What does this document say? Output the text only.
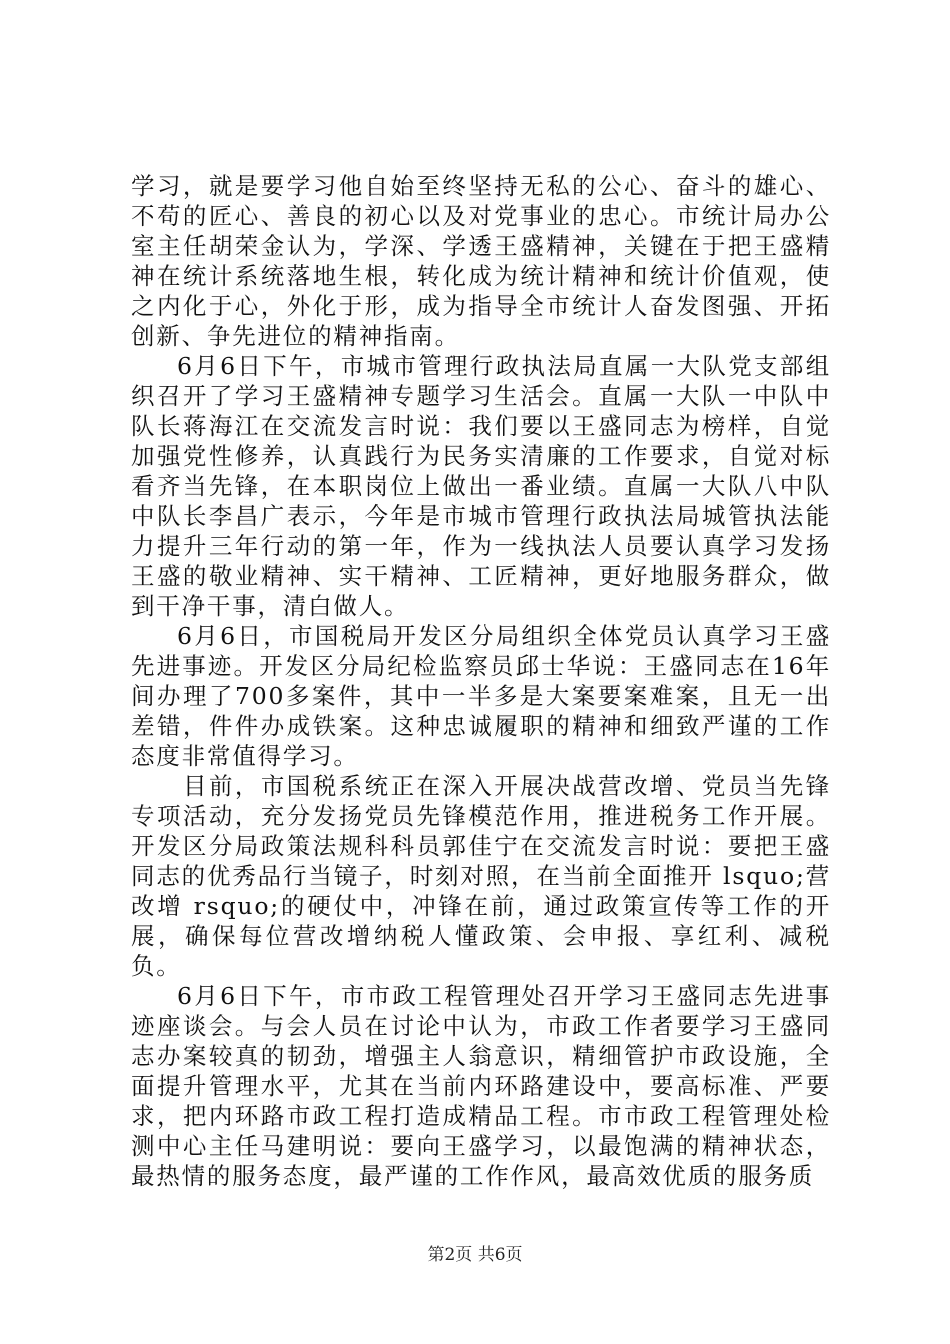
学习，就是要学习他自始至终坚持无私的公心、奋斗的雄心、不苟的匠心、善良的初心以及对党事业的忠心。市统计局办公室主任胡荣金认为，学深、学透王盛精神，关键在于把王盛精神在统计系统落地生根，转化成为统计精神和统计价值观，使之内化于心，外化于形，成为指导全市统计人奋发图强、开拓创新、争先进位的精神指南。

6月6日下午，市城市管理行政执法局直属一大队党支部组织召开了学习王盛精神专题学习生活会。直属一大队一中队中队长蒋海江在交流发言时说：我们要以王盛同志为榜样，自觉加强党性修养，认真践行为民务实清廉的工作要求，自觉对标看齐当先锋，在本职岗位上做出一番业绩。直属一大队八中队中队长李昌广表示，今年是市城市管理行政执法局城管执法能力提升三年行动的第一年，作为一线执法人员要认真学习发扬王盛的敬业精神、实干精神、工匠精神，更好地服务群众，做到干净干事，清白做人。

6月6日，市国税局开发区分局组织全体党员认真学习王盛先进事迹。开发区分局纪检监察员邱士华说：王盛同志在16年间办理了700多案件，其中一半多是大案要案难案，且无一出差错，件件办成铁案。这种忠诚履职的精神和细致严谨的工作态度非常值得学习。

目前，市国税系统正在深入开展决战营改增、党员当先锋专项活动，充分发扬党员先锋模范作用，推进税务工作开展。开发区分局政策法规科科员郭佳宁在交流发言时说：要把王盛同志的优秀品行当镜子，时刻对照，在当前全面推开 lsquo;营改增 rsquo;的硬仗中，冲锋在前，通过政策宣传等工作的开展，确保每位营改增纳税人懂政策、会申报、享红利、减税负。

6月6日下午，市市政工程管理处召开学习王盛同志先进事迹座谈会。与会人员在讨论中认为，市政工作者要学习王盛同志办案较真的韧劲，增强主人翁意识，精细管护市政设施，全面提升管理水平，尤其在当前内环路建设中，要高标准、严要求，把内环路市政工程打造成精品工程。市市政工程管理处检测中心主任马建明说：要向王盛学习，以最饱满的精神状态，最热情的服务态度，最严谨的工作作风，最高效优质的服务质

第2页 共6页
